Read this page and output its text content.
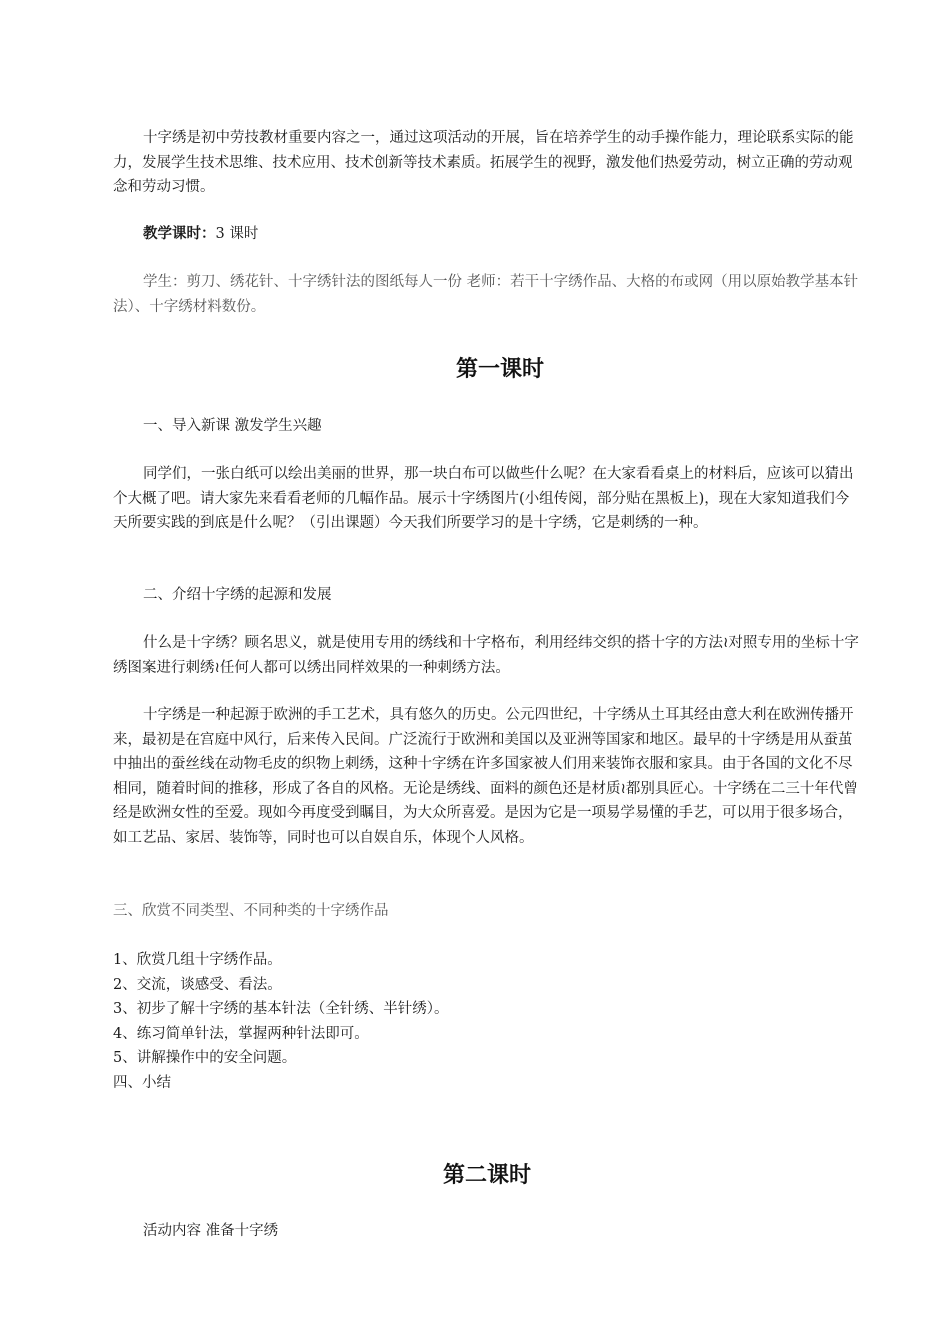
十字绣是初中劳技教材重要内容之一，通过这项活动的开展，旨在培养学生的动手操作能力，理论联系实际的能力，发展学生技术思维、技术应用、技术创新等技术素质。拓展学生的视野，激发他们热爱劳动，树立正确的劳动观念和劳动习惯。

教学课时：3 课时

学生：剪刀、绣花针、十字绣针法的图纸每人一份 老师：若干十字绣作品、大格的布或网（用以原始教学基本针法）、十字绣材料数份。

第一课时

一、导入新课 激发学生兴趣

同学们，一张白纸可以绘出美丽的世界，那一块白布可以做些什么呢？在大家看看桌上的材料后，应该可以猜出个大概了吧。请大家先来看看老师的几幅作品。展示十字绣图片(小组传阅，部分贴在黑板上)，现在大家知道我们今天所要实践的到底是什么呢？（引出课题）今天我们所要学习的是十字绣，它是刺绣的一种。

二、介绍十字绣的起源和发展

什么是十字绣？顾名思义，就是使用专用的绣线和十字格布，利用经纬交织的搭十字的方法≀对照专用的坐标十字绣图案进行刺绣≀任何人都可以绣出同样效果的一种刺绣方法。

十字绣是一种起源于欧洲的手工艺术，具有悠久的历史。公元四世纪，十字绣从土耳其经由意大利在欧洲传播开来，最初是在宫庭中风行，后来传入民间。广泛流行于欧洲和美国以及亚洲等国家和地区。最早的十字绣是用从蚕茧中抽出的蚕丝线在动物毛皮的织物上刺绣，这种十字绣在许多国家被人们用来装饰衣服和家具。由于各国的文化不尽相同，随着时间的推移，形成了各自的风格。无论是绣线、面料的颜色还是材质≀都别具匠心。十字绣在二三十年代曾经是欧洲女性的至爱。现如今再度受到瞩目，为大众所喜爱。是因为它是一项易学易懂的手艺，可以用于很多场合，如工艺品、家居、装饰等，同时也可以自娱自乐，体现个人风格。

三、欣赏不同类型、不同种类的十字绣作品

1、欣赏几组十字绣作品。
2、交流，谈感受、看法。
3、初步了解十字绣的基本针法（全针绣、半针绣）。
4、练习简单针法，掌握两种针法即可。
5、讲解操作中的安全问题。
四、小结
第二课时

活动内容 准备十字绣
